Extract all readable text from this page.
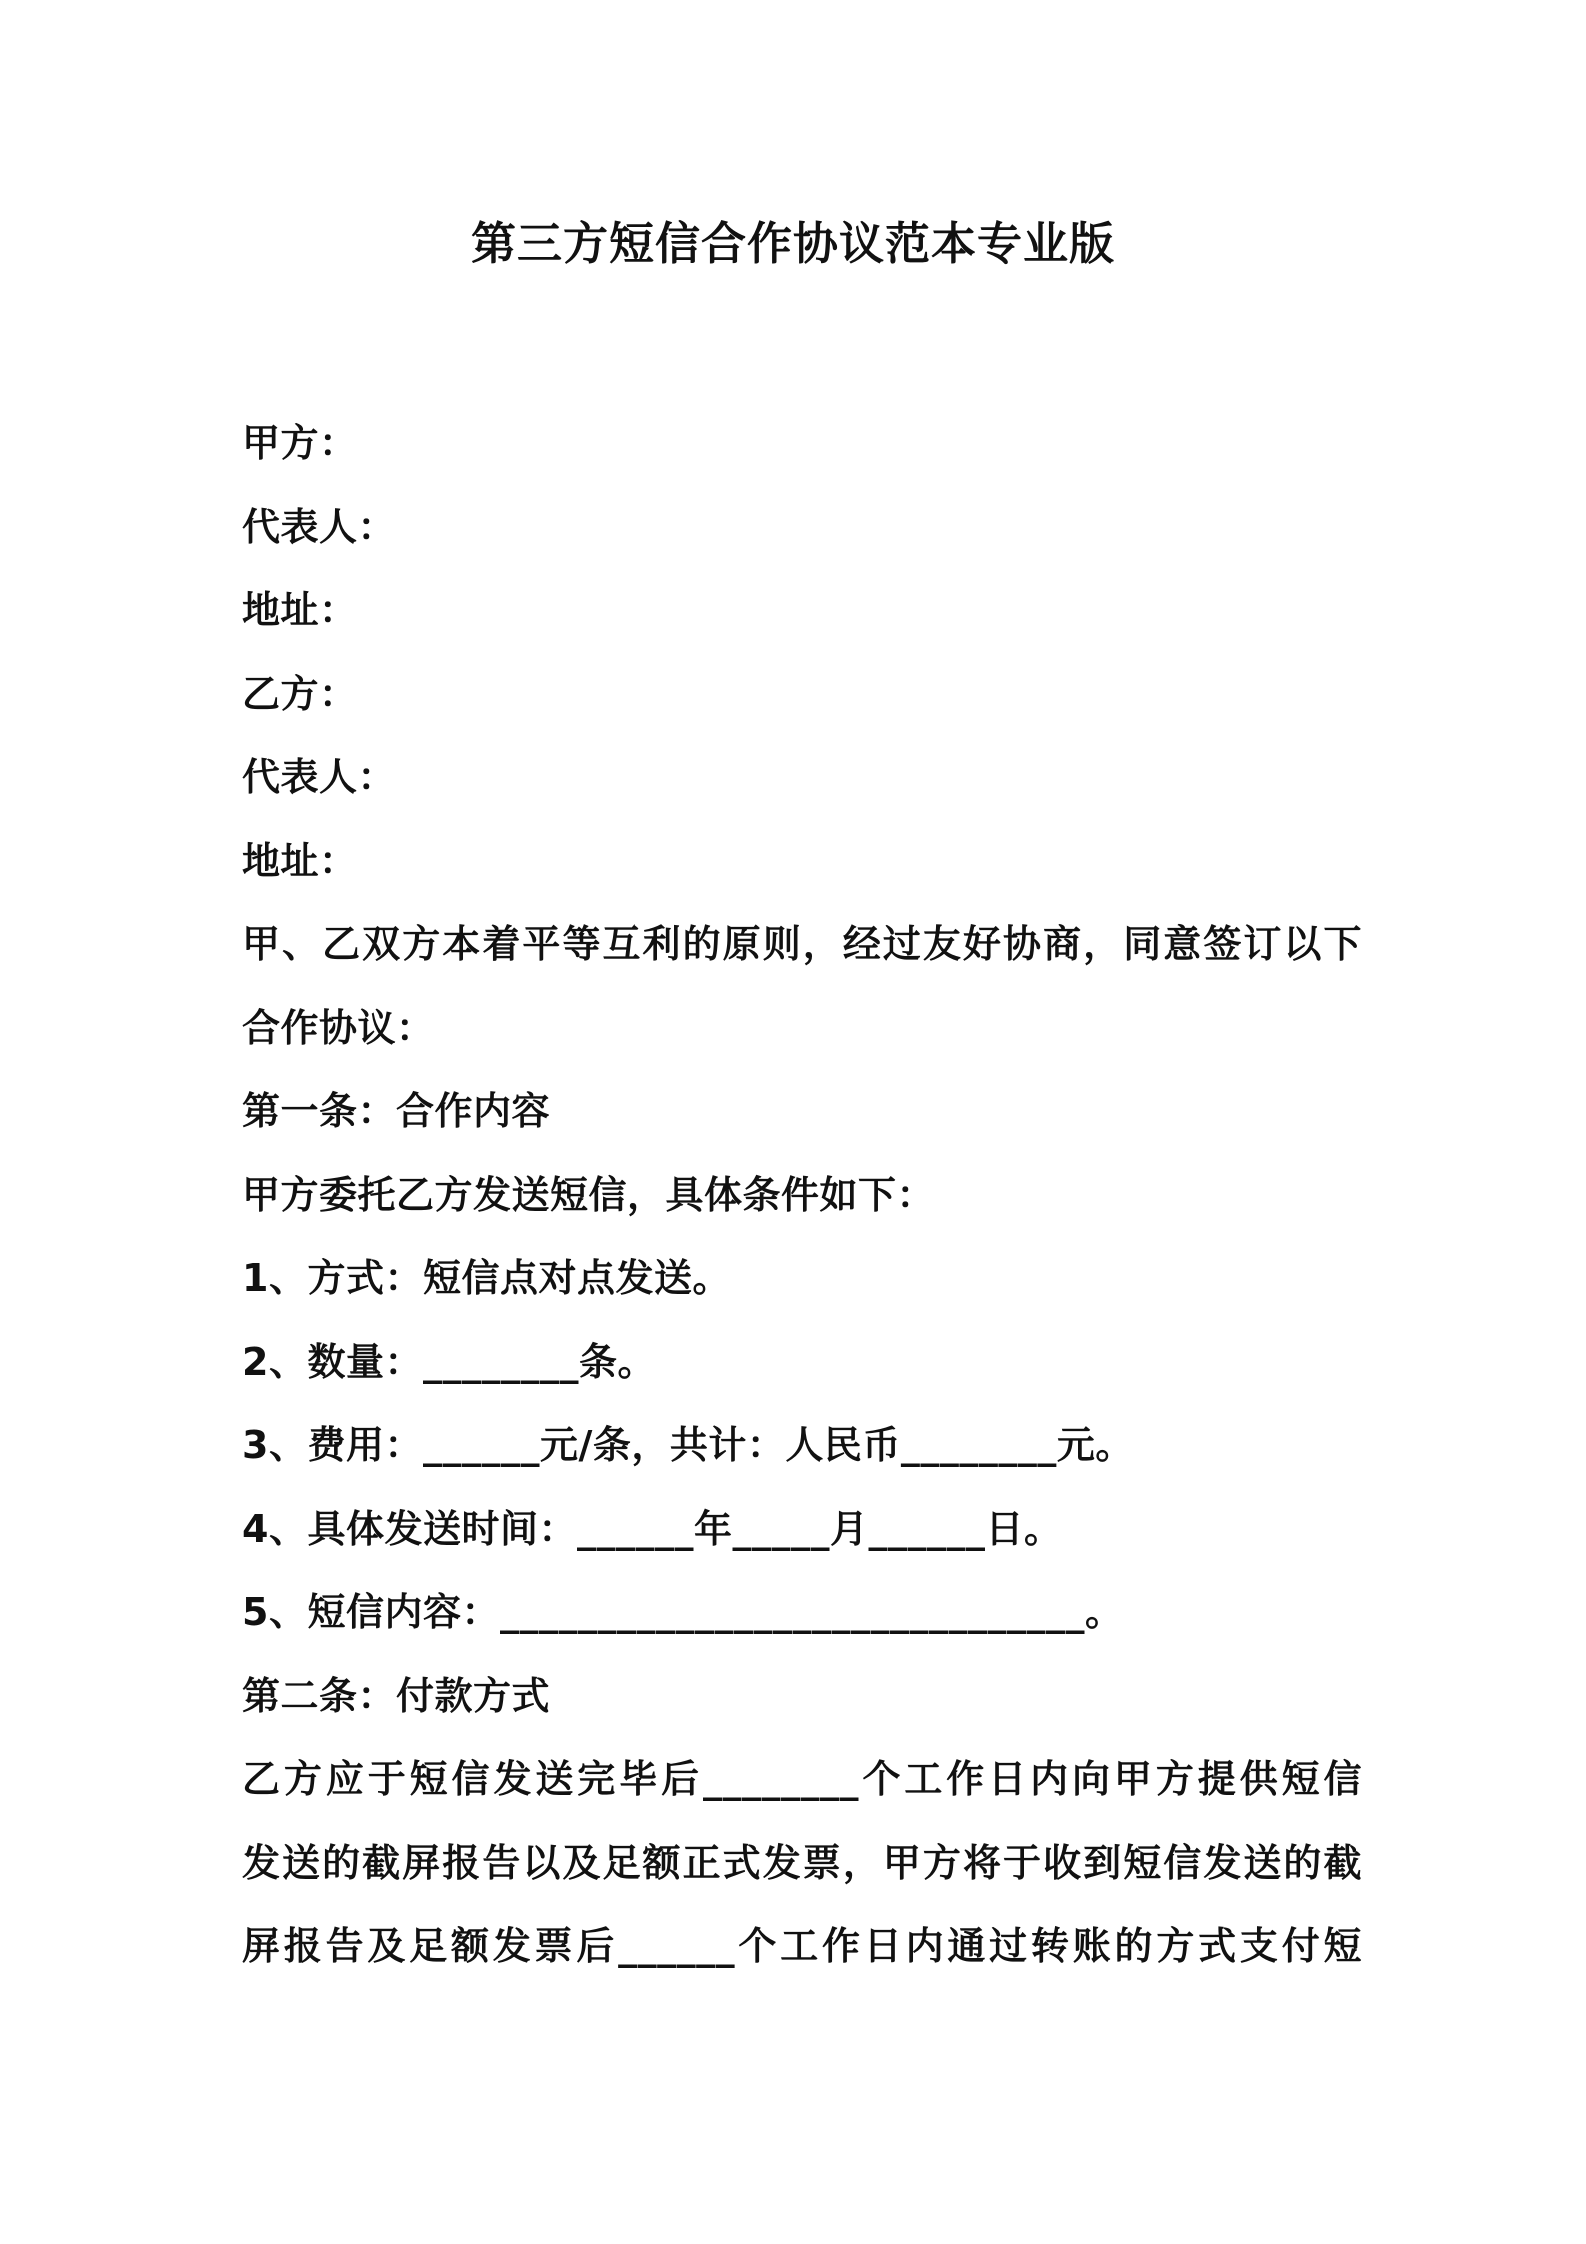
第三方短信合作协议范本专业版
甲方：
代表人：
地址：
乙方：
代表人：
地址：
甲、乙双方本着平等互利的原则，经过友好协商，同意签订以下
合作协议：
第一条：合作内容
甲方委托乙方发送短信，具体条件如下：
1、方式：短信点对点发送。
2、数量：________条。
3、费用：______元/条，共计：人民币________元。
4、具体发送时间：______年_____月______日。
5、短信内容：______________________________。
第二条：付款方式
乙方应于短信发送完毕后________个工作日内向甲方提供短信
发送的截屏报告以及足额正式发票，甲方将于收到短信发送的截
屏报告及足额发票后______个工作日内通过转账的方式支付短
